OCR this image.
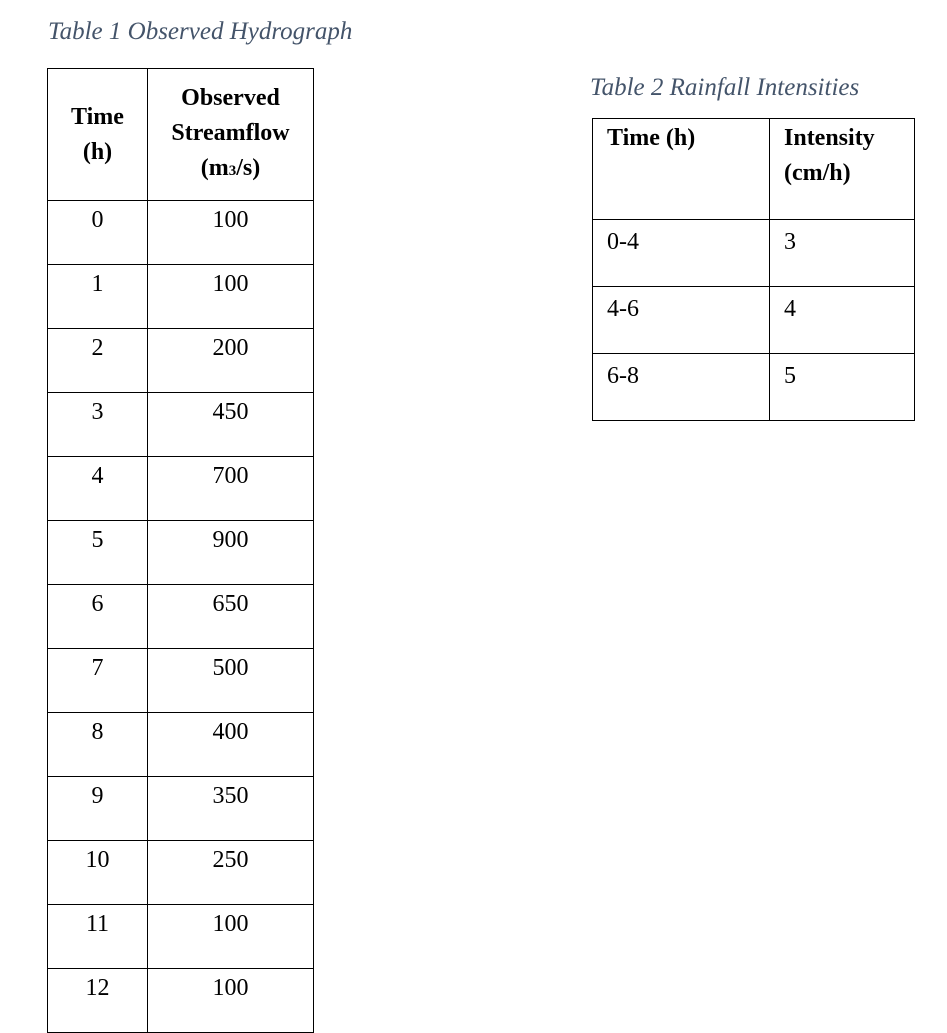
Table 1 Observed Hydrograph
Time
(h)	Observed
Streamflow
(m3/s)
0	100
1	100
2	200
3	450
4	700
5	900
6	650
7	500
8	400
9	350
10	250
11	100
12	100
Table 2 Rainfall Intensities
Time (h)	Intensity
(cm/h)
0-4	3
4-6	4
6-8	5
